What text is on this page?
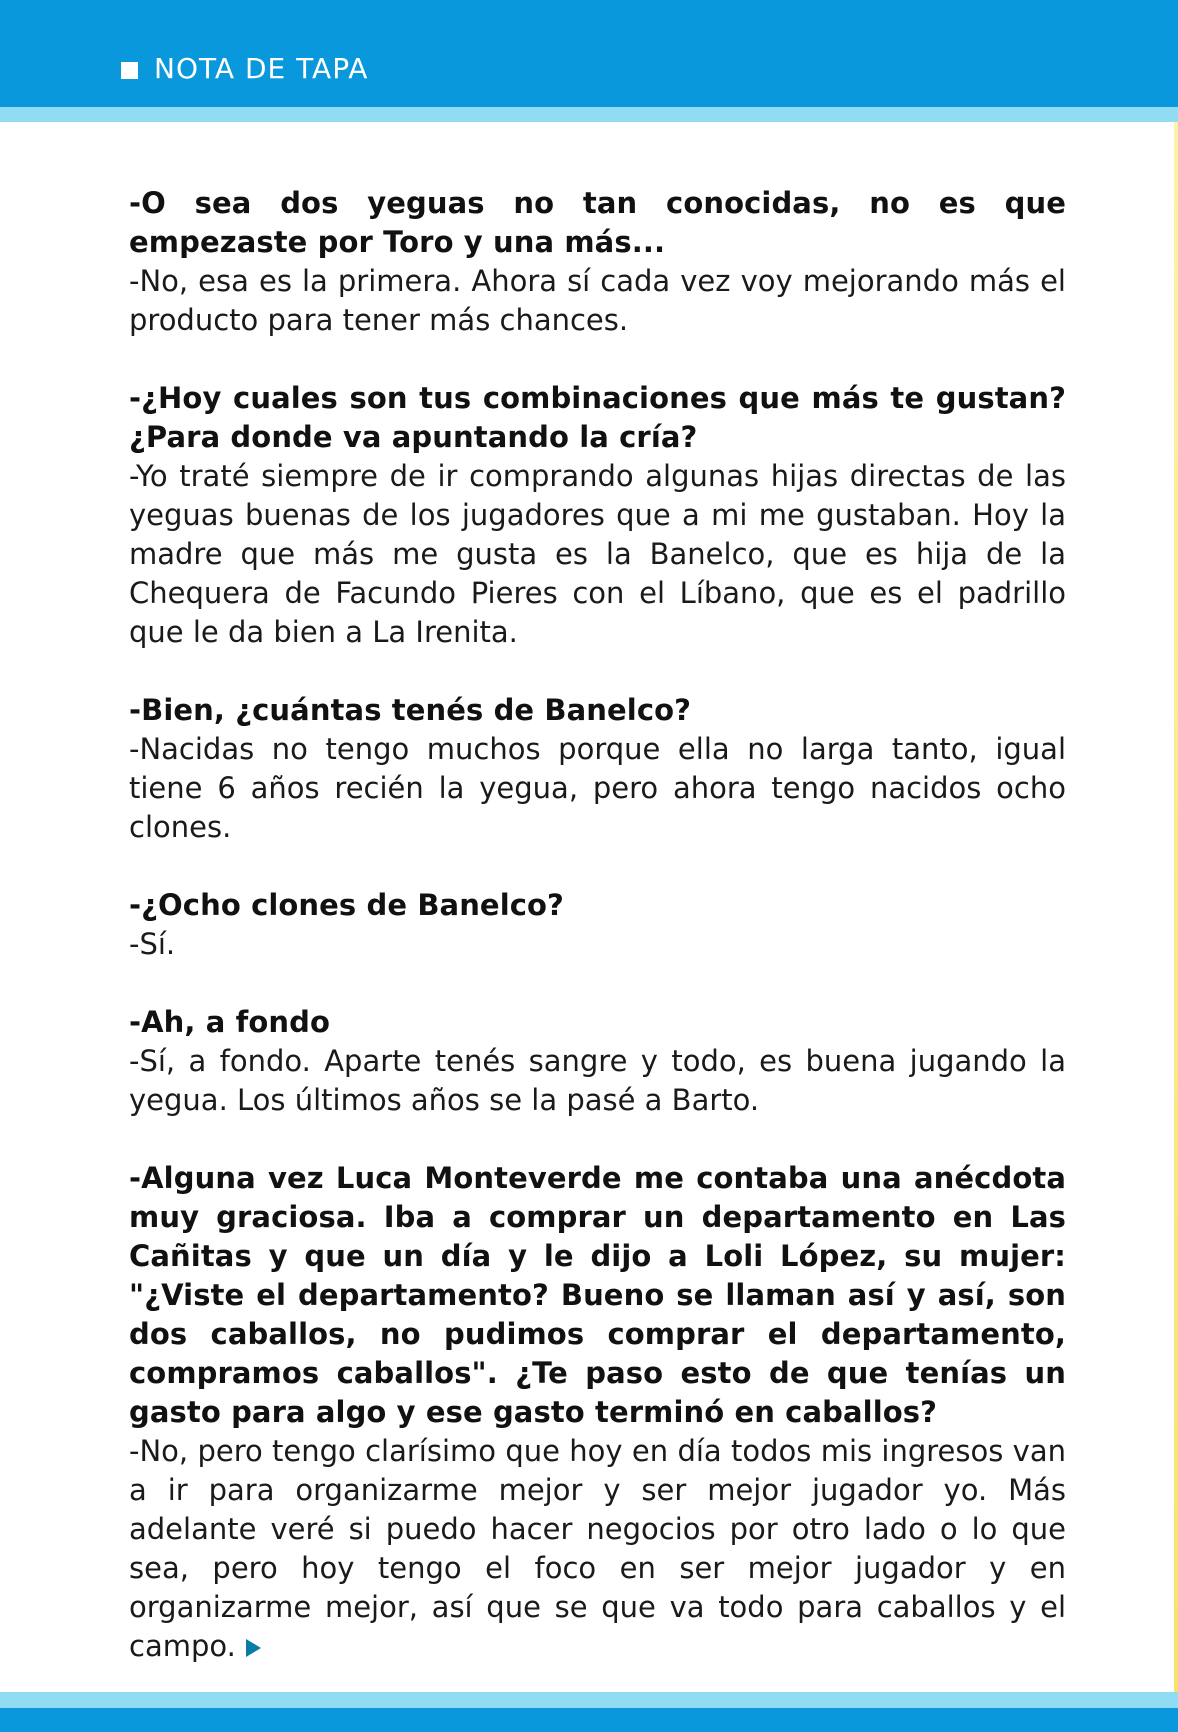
NOTA DE TAPA

-O sea dos yeguas no tan conocidas, no es que empezaste por Toro y una más...

-No, esa es la primera. Ahora sí cada vez voy mejorando más el producto para tener más chances.

-¿Hoy cuales son tus combinaciones que más te gustan? ¿Para donde va apuntando la cría?

-Yo traté siempre de ir comprando algunas hijas directas de las yeguas buenas de los jugadores que a mi me gustaban. Hoy la madre que más me gusta es la Banelco, que es hija de la Chequera de Facundo Pieres con el Líbano, que es el padrillo que le da bien a La Irenita.

-Bien, ¿cuántas tenés de Banelco?

-Nacidas no tengo muchos porque ella no larga tanto, igual tiene 6 años recién la yegua, pero ahora tengo nacidos ocho clones.

-¿Ocho clones de Banelco?

-Sí.

-Ah, a fondo

-Sí, a fondo. Aparte tenés sangre y todo, es buena jugando la yegua. Los últimos años se la pasé a Barto.

-Alguna vez Luca Monteverde me contaba una anécdota muy graciosa. Iba a comprar un departamento en Las Cañitas y que un día y le dijo a Loli López, su mujer: "¿Viste el departamento? Bueno se llaman así y así, son dos caballos, no pudimos comprar el departamento, compramos caballos". ¿Te paso esto de que tenías un gasto para algo y ese gasto terminó en caballos?

-No, pero tengo clarísimo que hoy en día todos mis ingresos van a ir para organizarme mejor y ser mejor jugador yo. Más adelante veré si puedo hacer negocios por otro lado o lo que sea, pero hoy tengo el foco en ser mejor jugador y en organizarme mejor, así que se que va todo para caballos y el campo.
